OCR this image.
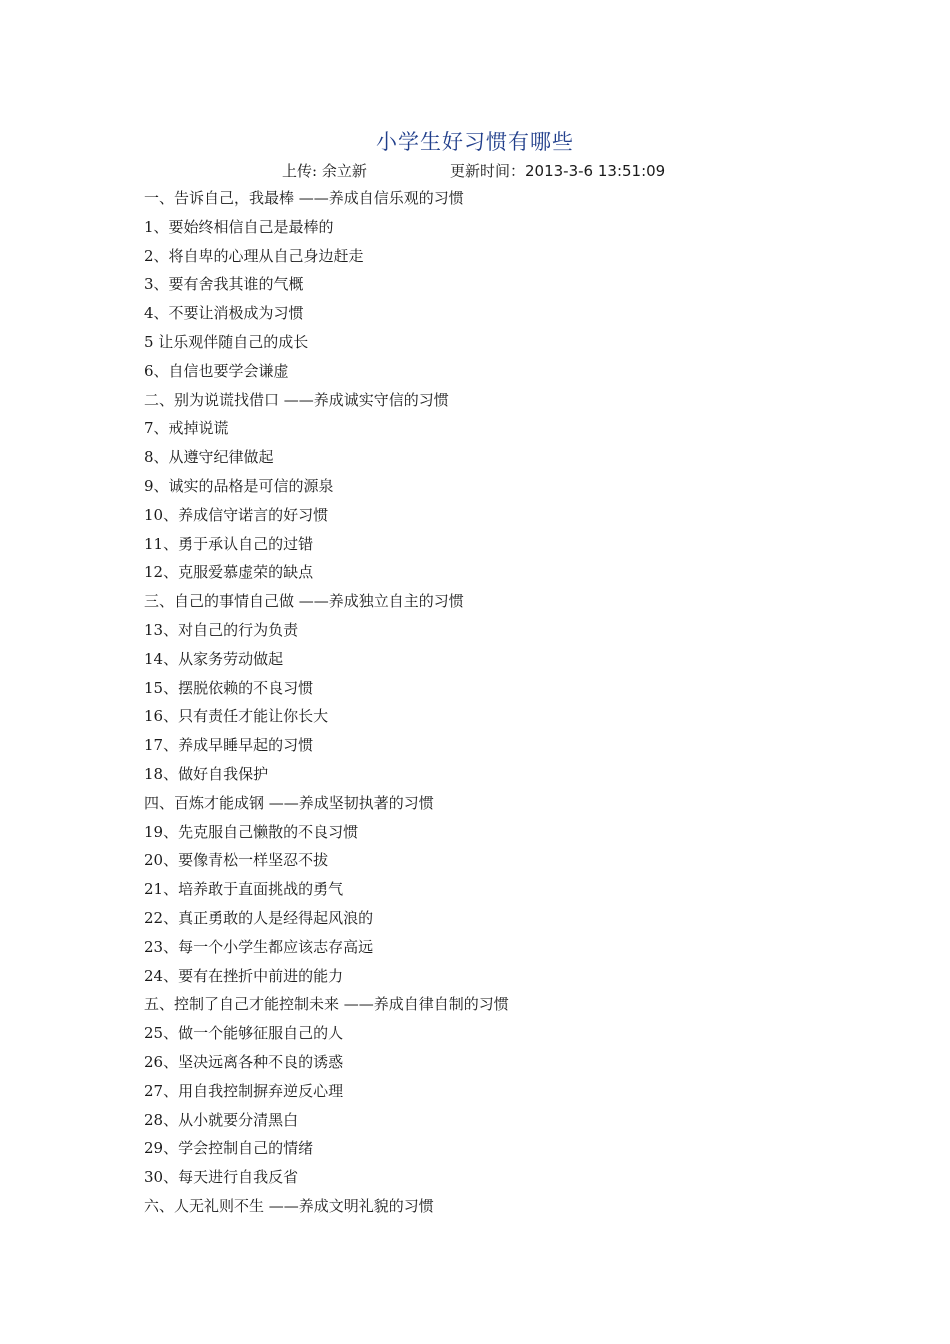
小学生好习惯有哪些
上传: 余立新	更新时间：2013-3-6 13:51:09
一、告诉自己，我最棒 ——养成自信乐观的习惯
1、要始终相信自己是最棒的
2、将自卑的心理从自己身边赶走
3、要有舍我其谁的气概
4、不要让消极成为习惯
5 让乐观伴随自己的成长
6、自信也要学会谦虚
二、别为说谎找借口 ——养成诚实守信的习惯
7、戒掉说谎
8、从遵守纪律做起
9、诚实的品格是可信的源泉
10、养成信守诺言的好习惯
11、勇于承认自己的过错
12、克服爱慕虚荣的缺点
三、自己的事情自己做 ——养成独立自主的习惯
13、对自己的行为负责
14、从家务劳动做起
15、摆脱依赖的不良习惯
16、只有责任才能让你长大
17、养成早睡早起的习惯
18、做好自我保护
四、百炼才能成钢 ——养成坚韧执著的习惯
19、先克服自己懒散的不良习惯
20、要像青松一样坚忍不拔
21、培养敢于直面挑战的勇气
22、真正勇敢的人是经得起风浪的
23、每一个小学生都应该志存高远
24、要有在挫折中前进的能力
五、控制了自己才能控制未来 ——养成自律自制的习惯
25、做一个能够征服自己的人
26、坚决远离各种不良的诱惑
27、用自我控制摒弃逆反心理
28、从小就要分清黑白
29、学会控制自己的情绪
30、每天进行自我反省
六、人无礼则不生 ——养成文明礼貌的习惯
